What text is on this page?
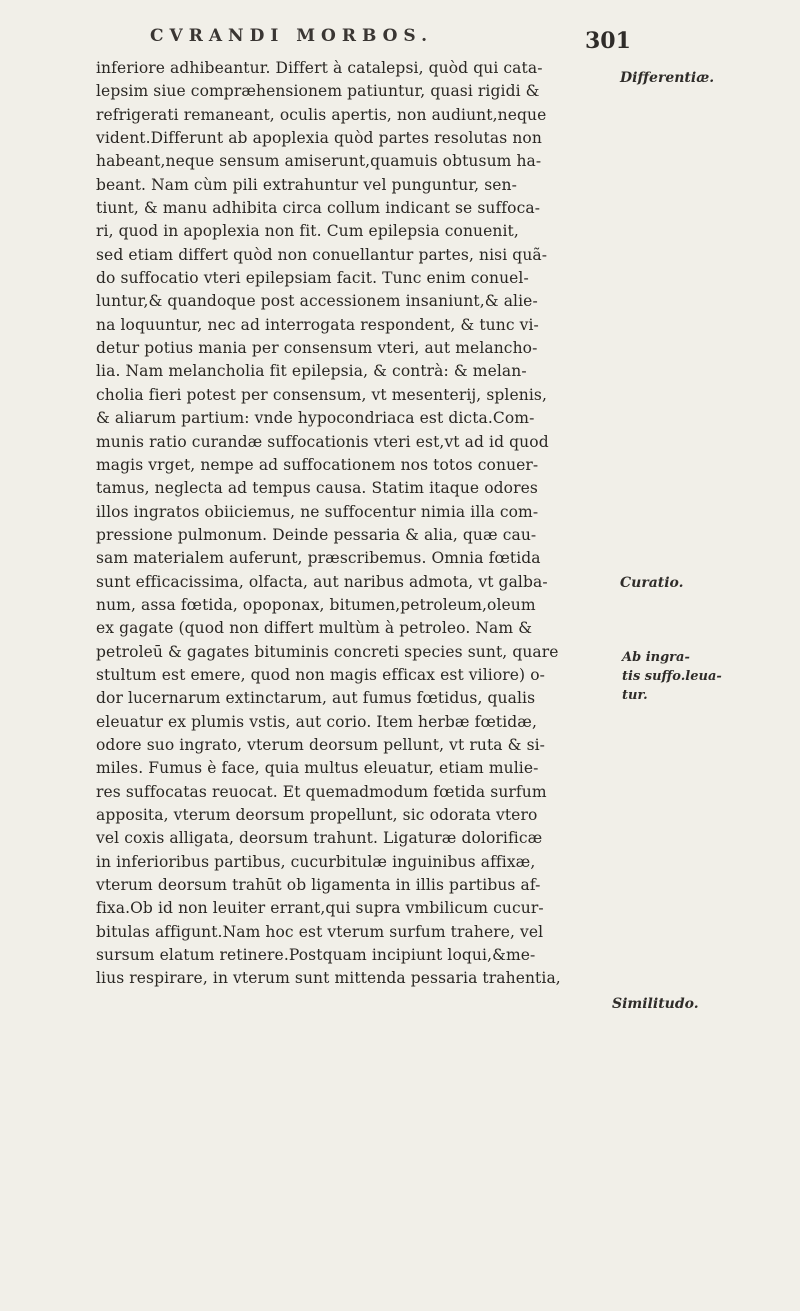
CVRANDI MORBOS.	301
inferiore adhibeantur. Differt à catalepsi, quòd qui cata-
lepsim siue compræhensionem patiuntur, quasi rigidi &
refrigerati remaneant, oculis apertis, non audiunt,neque
vident.Differunt ab apoplexia quòd partes resolutas non
habeant,neque sensum amiserunt,quamuis obtusum ha-
beant. Nam cùm pili extrahuntur vel punguntur, sen-
tiunt, & manu adhibita circa collum indicant se suffoca-
ri, quod in apoplexia non fit. Cum epilepsia conuenit,
sed etiam differt quòd non conuellantur partes, nisi quã-
do suffocatio vteri epilepsiam facit. Tunc enim conuel-
luntur,& quandoque post accessionem insaniunt,& alie-
na loquuntur, nec ad interrogata respondent, & tunc vi-
detur potius mania per consensum vteri, aut melancho-
lia. Nam melancholia fit epilepsia, & contrà: & melan-
cholia fieri potest per consensum, vt mesenterij, splenis,
& aliarum partium: vnde hypocondriaca est dicta.Com-
munis ratio curandæ suffocationis vteri est,vt ad id quod
magis vrget, nempe ad suffocationem nos totos conuer-
tamus, neglecta ad tempus causa. Statim itaque odores
illos ingratos obiiciemus, ne suffocentur nimia illa com-
pressione pulmonum. Deinde pessaria & alia, quæ cau-
sam materialem auferunt, præscribemus. Omnia fœtida
sunt efficacissima, olfacta, aut naribus admota, vt galba-
num, assa fœtida, opoponax, bitumen,petroleum,oleum
ex gagate (quod non differt multùm à petroleo. Nam &
petroleū & gagates bituminis concreti species sunt, quare
stultum est emere, quod non magis efficax est viliore) o-
dor lucernarum extinctarum, aut fumus fœtidus, qualis
eleuatur ex plumis vstis, aut corio. Item herbæ fœtidæ,
odore suo ingrato, vterum deorsum pellunt, vt ruta & si-
miles. Fumus è face, quia multus eleuatur, etiam mulie-
res suffocatas reuocat. Et quemadmodum fœtida surfum
apposita, vterum deorsum propellunt, sic odorata vtero
vel coxis alligata, deorsum trahunt. Ligaturæ dolorificæ
in inferioribus partibus, cucurbitulæ inguinibus affixæ,
vterum deorsum trahūt ob ligamenta in illis partibus af-
fixa.Ob id non leuiter errant,qui supra vmbilicum cucur-
bitulas affigunt.Nam hoc est vterum surfum trahere, vel
sursum elatum retinere.Postquam incipiunt loqui,&me-
lius respirare, in vterum sunt mittenda pessaria trahentia,
Differentiæ.
Curatio.
Ab ingra-
tis suffo.leua-
tur.
Similitudo.
